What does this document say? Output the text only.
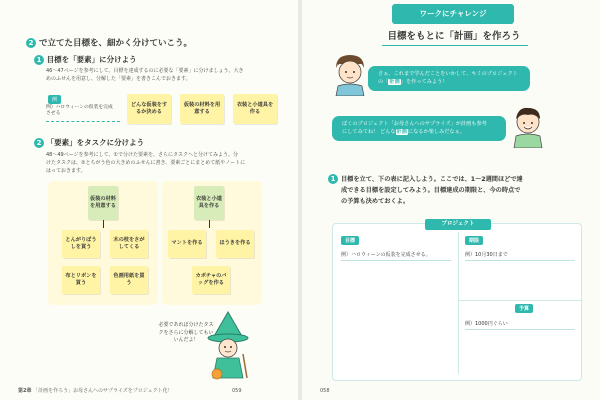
2 で立てた目標を、細かく分けていこう。
1 目標を「要素」に分けよう
46〜47ページを参考にして、目標を達成するのに必要な「要素」に分けましょう。大き
めのふせんを用意し、分解した「要素」を書きこんでおきます。
例
例）ハロウィーンの仮装を完成させる
どんな仮装をするか決める
仮装の材料を用意する
衣装と小道具を作る
2 「要素」をタスクに分けよう
48〜49ページを参考にして、①で分けた要素を、さらにタスクへと分けてみよう。分
けたタスクは、②とちがう色の大きめのふせんに書き、要素ごとにまとめて紙やノートに
はっておきます。
仮装の材料を用意する
とんがりぼうしを買う
木の枝をさがしてくる
布とリボンを買う
色画用紙を買う
衣装と小道具を作る
マントを作る	ほうきを作る
カボチャのバッグを作る
必要であれば分けたタスクをさらに分解してもいいんだよ！
第2章 「計画を作ろう」お母さんへのサプライズをプロジェクト化！	059
ワークにチャレンジ
目標をもとに「計画」を作ろう
さぁ、これまで学んだことをいかして、キミのプロジェクトの「計画」を作ってみよう！
ぼくのプロジェクト「お母さんへのサプライズ」が計画も参考
にしてみてね！ どんな計画になるか楽しみだなぁ。
1 目標を立て、下の表に記入しよう。ここでは、1〜2週間ほどで達
成できる目標を設定してみよう。目標達成の期限と、今の時点で
の予算も決めておくよ。
プロジェクト
目標
例）ハロウィーンの仮装を完成させる。
期限
例）10月30日まで
予算
例）1000円ぐらい
058
